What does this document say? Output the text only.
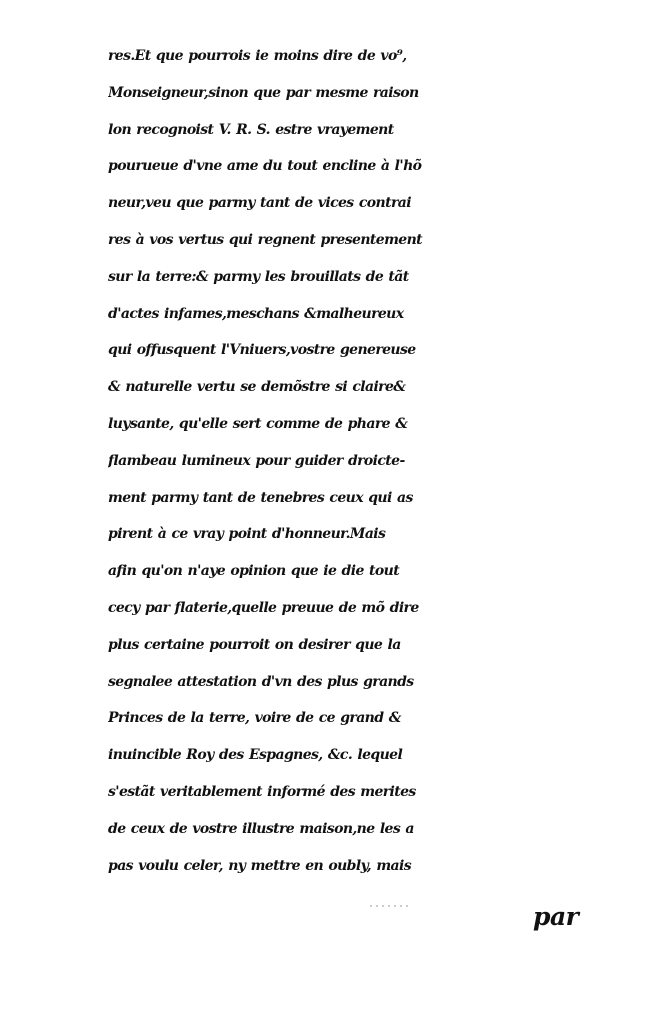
res.Et que pourrois ie moins dire de vo⁹,
Monseigneur,sinon que par mesme raison
lon recognoist V. R. S. estre vrayement
pourueue d'vne ame du tout encline à l'hõ
neur,veu que parmy tant de vices contrai
res à vos vertus qui regnent presentement
sur la terre:& parmy les brouillats de tãt
d'actes infames,meschans &malheureux
qui offusquent l'Vniuers,vostre genereuse
& naturelle vertu se demõstre si claire&
luysante, qu'elle sert comme de phare &
flambeau lumineux pour guider droicte-
ment parmy tant de tenebres ceux qui as
pirent à ce vray point d'honneur.Mais
afin qu'on n'aye opinion que ie die tout
cecy par flaterie,quelle preuue de mõ dire
plus certaine pourroit on desirer que la
segnalee attestation d'vn des plus grands
Princes de la terre, voire de ce grand &
inuincible Roy des Espagnes, &c. lequel
s'estãt veritablement informé des merites
de ceux de vostre illustre maison,ne les a
pas voulu celer, ny mettre en oubly, mais
par
